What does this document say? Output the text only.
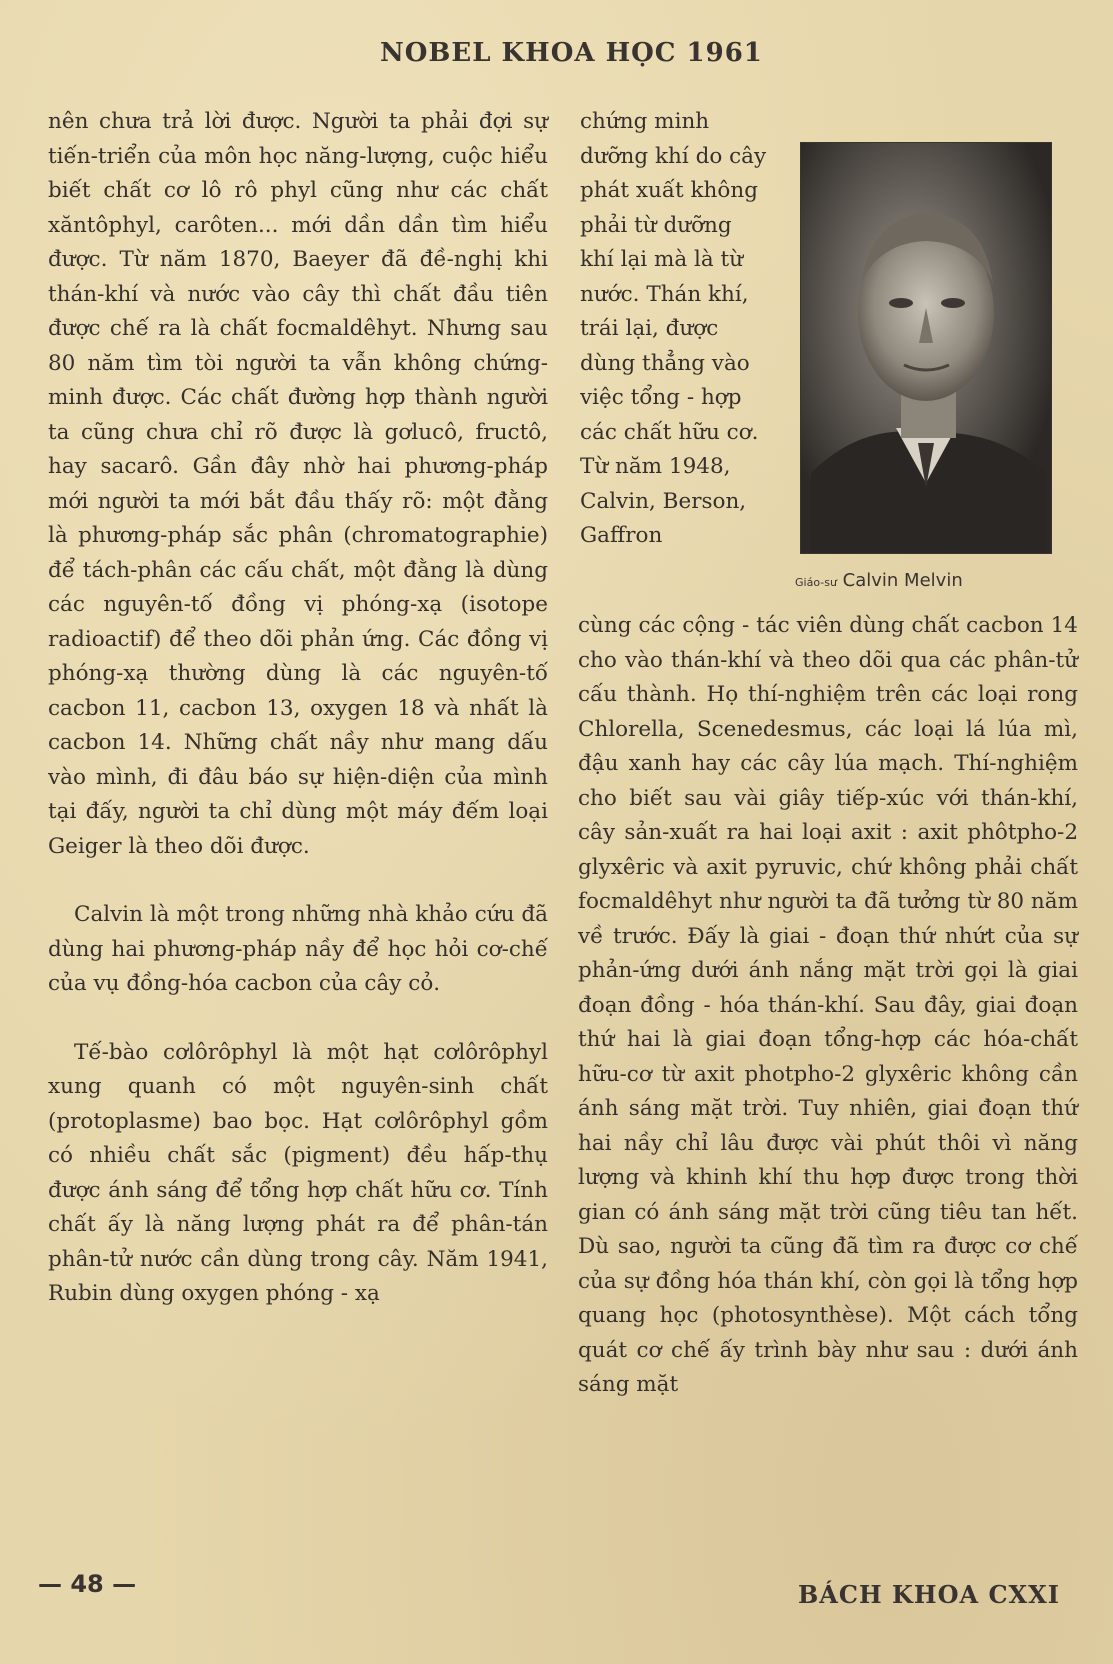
NOBEL KHOA HỌC 1961

nên chưa trả lời được. Người ta phải đợi sự tiến-triển của môn học năng-lượng, cuộc hiểu biết chất cơ lô rô phyl cũng như các chất xăntôphyl, carôten... mới dần dần tìm hiểu được. Từ năm 1870, Baeyer đã đề-nghị khi thán-khí và nước vào cây thì chất đầu tiên được chế ra là chất focmaldêhyt. Nhưng sau 80 năm tìm tòi người ta vẫn không chứng-minh được. Các chất đường hợp thành người ta cũng chưa chỉ rõ được là gơlucô, fructô, hay sacarô. Gần đây nhờ hai phương-pháp mới người ta mới bắt đầu thấy rõ: một đằng là phương-pháp sắc phân (chromatographie) để tách-phân các cấu chất, một đằng là dùng các nguyên-tố đồng vị phóng-xạ (isotope radioactif) để theo dõi phản ứng. Các đồng vị phóng-xạ thường dùng là các nguyên-tố cacbon 11, cacbon 13, oxygen 18 và nhất là cacbon 14. Những chất nầy như mang dấu vào mình, đi đâu báo sự hiện-diện của mình tại đấy, người ta chỉ dùng một máy đếm loại Geiger là theo dõi được.

Calvin là một trong những nhà khảo cứu đã dùng hai phương-pháp nầy để học hỏi cơ-chế của vụ đồng-hóa cacbon của cây cỏ.

Tế-bào cơlôrôphyl là một hạt cơlôrôphyl xung quanh có một nguyên-sinh chất (protoplasme) bao bọc. Hạt cơlôrôphyl gồm có nhiều chất sắc (pigment) đều hấp-thụ được ánh sáng để tổng hợp chất hữu cơ. Tính chất ấy là năng lượng phát ra để phân-tán phân-tử nước cần dùng trong cây. Năm 1941, Rubin dùng oxygen phóng - xạ

chứng minh dưỡng khí do cây phát xuất không phải từ dưỡng khí lại mà là từ nước. Thán khí, trái lại, được dùng thẳng vào việc tổng - hợp các chất hữu cơ. Từ năm 1948, Calvin, Berson, Gaffron

Giáo-sư Calvin Melvin

cùng các cộng - tác viên dùng chất cacbon 14 cho vào thán-khí và theo dõi qua các phân-tử cấu thành. Họ thí-nghiệm trên các loại rong Chlorella, Scenedesmus, các loại lá lúa mì, đậu xanh hay các cây lúa mạch. Thí-nghiệm cho biết sau vài giây tiếp-xúc với thán-khí, cây sản-xuất ra hai loại axit : axit phôtpho-2 glyxêric và axit pyruvic, chứ không phải chất focmaldêhyt như người ta đã tưởng từ 80 năm về trước. Đấy là giai - đoạn thứ nhứt của sự phản-ứng dưới ánh nắng mặt trời gọi là giai đoạn đồng - hóa thán-khí. Sau đây, giai đoạn thứ hai là giai đoạn tổng-hợp các hóa-chất hữu-cơ từ axit photpho-2 glyxêric không cần ánh sáng mặt trời. Tuy nhiên, giai đoạn thứ hai nầy chỉ lâu được vài phút thôi vì năng lượng và khinh khí thu hợp được trong thời gian có ánh sáng mặt trời cũng tiêu tan hết. Dù sao, người ta cũng đã tìm ra được cơ chế của sự đồng hóa thán khí, còn gọi là tổng hợp quang học (photosynthèse). Một cách tổng quát cơ chế ấy trình bày như sau : dưới ánh sáng mặt

— 48 —	BÁCH KHOA CXXI
